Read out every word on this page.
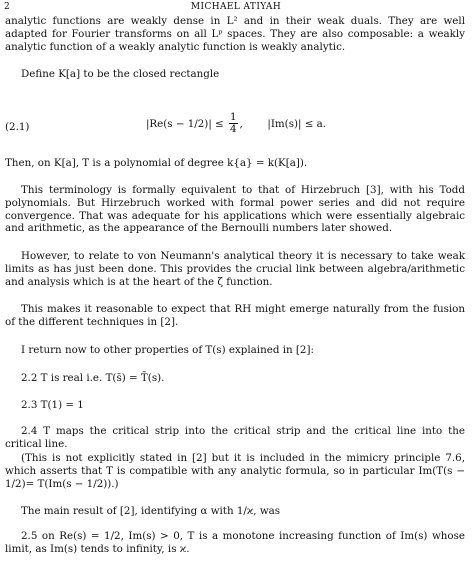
2	MICHAEL ATIYAH

analytic functions are weakly dense in L² and in their weak duals. They are well adapted for Fourier transforms on all Lᵖ spaces. They are also composable: a weakly analytic function of a weakly analytic function is weakly analytic.

Define K[a] to be the closed rectangle

(2.1)	$|Re(s - 1/2)| \le \frac{1}{4}$ , |Im(s)| ≤ a.

Then, on K[a], T is a polynomial of degree k{a} = k(K[a]).

This terminology is formally equivalent to that of Hirzebruch [3], with his Todd polynomials. But Hirzebruch worked with formal power series and did not require convergence. That was adequate for his applications which were essentially algebraic and arithmetic, as the appearance of the Bernoulli numbers later showed.

However, to relate to von Neumann's analytical theory it is necessary to take weak limits as has just been done. This provides the crucial link between algebra/arithmetic and analysis which is at the heart of the ζ function.

This makes it reasonable to expect that RH might emerge naturally from the fusion of the different techniques in [2].

I return now to other properties of T(s) explained in [2]:

2.2 T is real i.e. T(s̄) = T̄(s).

2.3 T(1) = 1

2.4 T maps the critical strip into the critical strip and the critical line into the critical line.

(This is not explicitly stated in [2] but it is included in the mimicry principle 7.6, which asserts that T is compatible with any analytic formula, so in particular Im(T(s − 1/2)= T(Im(s − 1/2)).)

The main result of [2], identifying α with 1/ϰ, was

2.5 on Re(s) = 1/2, Im(s) > 0, T is a monotone increasing function of Im(s) whose limit, as Im(s) tends to infinity, is ϰ.
